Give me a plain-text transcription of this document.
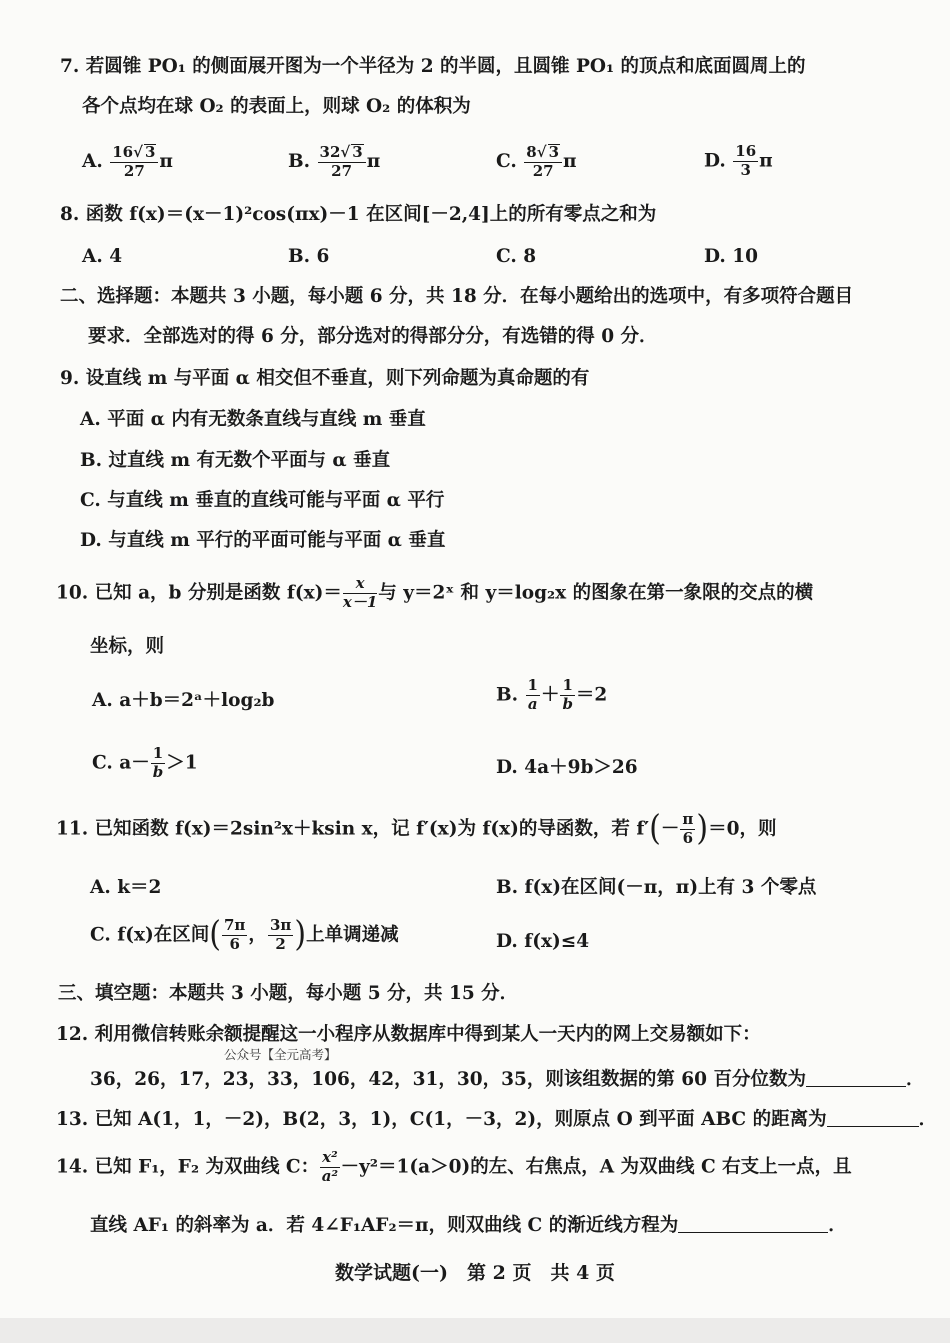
7. 若圆锥 PO₁ 的侧面展开图为一个半径为 2 的半圆，且圆锥 PO₁ 的顶点和底面圆周上的
各个点均在球 O₂ 的表面上，则球 O₂ 的体积为
A. $\frac{16√ 3}{27}$ π	B. $\frac{32√ 3}{27}$ π	C. $\frac{8√ 3}{27}$ π	D. $\frac{16}{3}$ π
8. 函数 f(x)＝(x－1)²cos(πx)－1 在区间[－2,4]上的所有零点之和为
A. 4	B. 6	C. 8	D. 10
二、选择题：本题共 3 小题，每小题 6 分，共 18 分．在每小题给出的选项中，有多项符合题目
要求．全部选对的得 6 分，部分选对的得部分分，有选错的得 0 分．
9. 设直线 m 与平面 α 相交但不垂直，则下列命题为真命题的有
A. 平面 α 内有无数条直线与直线 m 垂直
B. 过直线 m 有无数个平面与 α 垂直
C. 与直线 m 垂直的直线可能与平面 α 平行
D. 与直线 m 平行的平面可能与平面 α 垂直
10. 已知 a，b 分别是函数 $f(x)= \frac{x}{x-1}$ 与 y＝2ˣ 和 y＝log₂x 的图象在第一象限的交点的横
坐标，则
A. a＋b＝2ᵃ＋log₂b	B. $\frac{1}{a} + \frac{1}{b} =2$
C. $a- \frac{1}{b} >1$	D. 4a＋9b＞26
11. 已知函数 f(x)＝2sin²x＋ksin x，记 f′(x)为 f(x)的导函数，若 $f'(- \frac{\pi}{6} )=0$，则
A. k＝2	B. f(x)在区间(－π，π)上有 3 个零点
C. f(x)在区间( $\frac{7\pi}{6}$ ， $\frac{3\pi}{2}$ )上单调递减	D. f(x)≤4
三、填空题：本题共 3 小题，每小题 5 分，共 15 分．
12. 利用微信转账余额提醒这一小程序从数据库中得到某人一天内的网上交易额如下：
公众号【全元高考】
36，26，17，23，33，106，42，31，30，35，则该组数据的第 60 百分位数为	．
13. 已知 A(1，1，－2)，B(2，3，1)，C(1，－3，2)，则原点 O 到平面 ABC 的距离为	．
14. 已知 F₁，F₂ 为双曲线 C： $\frac{\text{x²}}{\text{a²}} -y^2=1(a>0)$的左、右焦点，A 为双曲线 C 右支上一点，且
直线 AF₁ 的斜率为 a．若 4∠F₁AF₂＝π，则双曲线 C 的渐近线方程为	．
数学试题(一)　第 2 页　共 4 页
